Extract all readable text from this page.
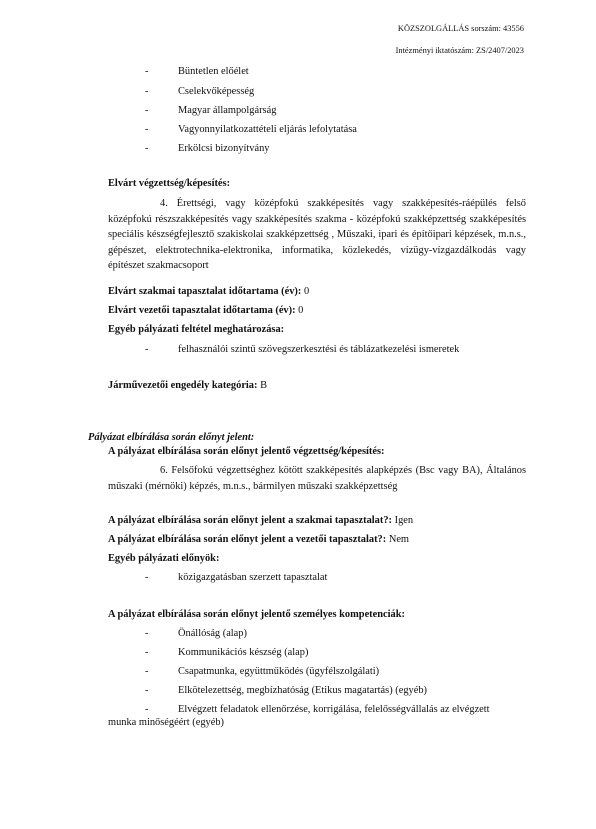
KÖZSZOLGÁLLÁS sorszám: 43556
Intézményi iktatószám: ZS/2407/2023
-	Büntetlen előélet
-	Cselekvőképesség
-	Magyar állampolgárság
-	Vagyonnyilatkozattételi eljárás lefolytatása
-	Erkölcsi bizonyítvány
Elvárt végzettség/képesítés:
4. Érettségi, vagy középfokú szakképesítés vagy szakképesítés-ráépülés felső középfokú részszakképesítés vagy szakképesítés szakma - középfokú szakképzettség szakképesítés speciális készségfejlesztő szakiskolai szakképzettség , Műszaki, ipari és építőipari képzések, m.n.s., gépészet, elektrotechnika-elektronika, informatika, közlekedés, vízügy-vízgazdálkodás vagy építészet szakmacsoport
Elvárt szakmai tapasztalat időtartama (év): 0
Elvárt vezetői tapasztalat időtartama (év): 0
Egyéb pályázati feltétel meghatározása:
-	felhasználói szintű szövegszerkesztési és táblázatkezelési ismeretek
Járművezetői engedély kategória: B
Pályázat elbírálása során előnyt jelent:
A pályázat elbírálása során előnyt jelentő végzettség/képesítés:
6. Felsőfokú végzettséghez kötött szakképesítés alapképzés (Bsc vagy BA), Általános műszaki (mérnöki) képzés, m.n.s., bármilyen műszaki szakképzettség
A pályázat elbírálása során előnyt jelent a szakmai tapasztalat?: Igen
A pályázat elbírálása során előnyt jelent a vezetői tapasztalat?: Nem
Egyéb pályázati előnyök:
-	közigazgatásban szerzett tapasztalat
A pályázat elbírálása során előnyt jelentő személyes kompetenciák:
-	Önállóság (alap)
-	Kommunikációs készség (alap)
-	Csapatmunka, együttműködés (ügyfélszolgálati)
-	Elkötelezettség, megbízhatóság (Etikus magatartás) (egyéb)
-	Elvégzett feladatok ellenőrzése, korrigálása, felelősségvállalás az elvégzett
munka minőségéért (egyéb)
